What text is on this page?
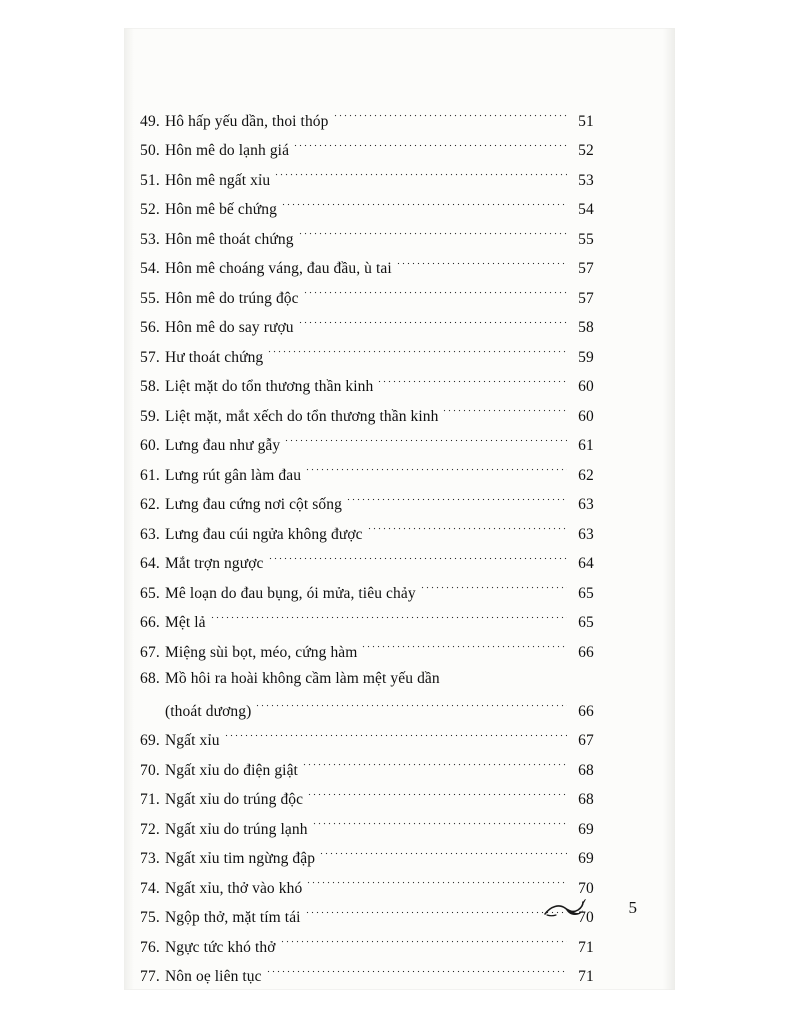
49. Hô hấp yếu dần, thoi thóp	51
50. Hôn mê do lạnh giá	52
51. Hôn mê ngất xỉu	53
52. Hôn mê bế chứng	54
53. Hôn mê thoát chứng	55
54. Hôn mê choáng váng, đau đầu, ù tai	57
55. Hôn mê do trúng độc	57
56. Hôn mê do say rượu	58
57. Hư thoát chứng	59
58. Liệt mặt do tổn thương thần kinh	60
59. Liệt mặt, mắt xếch do tổn thương thần kinh	60
60. Lưng đau như gẫy	61
61. Lưng rút gân làm đau	62
62. Lưng đau cứng nơi cột sống	63
63. Lưng đau cúi ngửa không được	63
64. Mắt trợn ngược	64
65. Mê loạn do đau bụng, ói mửa, tiêu chảy	65
66. Mệt lả	65
67. Miệng sùi bọt, méo, cứng hàm	66
68. Mồ hôi ra hoài không cầm làm mệt yếu dần
(thoát dương)	66
69. Ngất xỉu	67
70. Ngất xỉu do điện giật	68
71. Ngất xỉu do trúng độc	68
72. Ngất xỉu do trúng lạnh	69
73. Ngất xỉu tim ngừng đập	69
74. Ngất xỉu, thở vào khó	70
75. Ngộp thở, mặt tím tái	70
76. Ngực tức khó thở	71
77. Nôn oẹ liên tục	71
5
